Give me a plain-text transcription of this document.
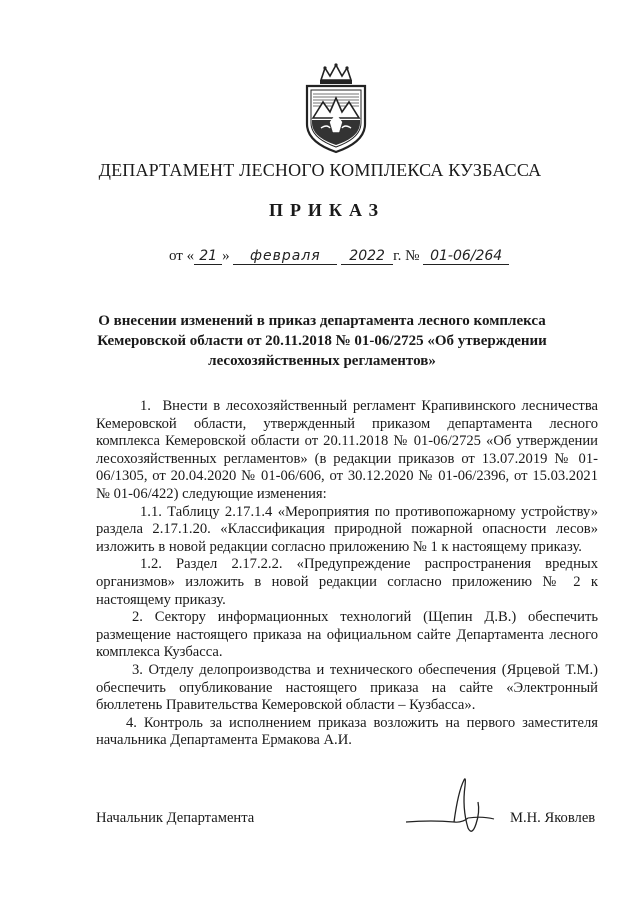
ДЕПАРТАМЕНТ ЛЕСНОГО КОМПЛЕКСА КУЗБАССА
ПРИКАЗ
от « 21 » февраля 2022 г. № 01-06/264
О внесении изменений в приказ департамента лесного комплекса Кемеровской области от 20.11.2018 № 01-06/2725 «Об утверждении лесохозяйственных регламентов»

1.  Внести в лесохозяйственный регламент Крапивинского лесничества Кемеровской области, утвержденный приказом департамента лесного комплекса Кемеровской области от 20.11.2018 № 01-06/2725 «Об утверждении лесохозяйственных регламентов» (в редакции приказов от 13.07.2019 № 01-06/1305, от 20.04.2020 № 01-06/606, от 30.12.2020 № 01-06/2396, от 15.03.2021 № 01-06/422) следующие изменения:

1.1. Таблицу 2.17.1.4 «Мероприятия по противопожарному устройству» раздела 2.17.1.20. «Классификация природной пожарной опасности лесов» изложить в новой редакции согласно приложению № 1 к настоящему приказу.

1.2. Раздел 2.17.2.2. «Предупреждение распространения вредных организмов» изложить в новой редакции согласно приложению № 2 к настоящему приказу.

2. Сектору информационных технологий (Щепин Д.В.) обеспечить размещение настоящего приказа на официальном сайте Департамента лесного комплекса Кузбасса.

3. Отделу делопроизводства и технического обеспечения (Ярцевой Т.М.) обеспечить опубликование настоящего приказа на сайте «Электронный бюллетень Правительства Кемеровской области – Кузбасса».

4. Контроль за исполнением приказа возложить на первого заместителя начальника Департамента Ермакова А.И.

Начальник Департамента	М.Н. Яковлев
